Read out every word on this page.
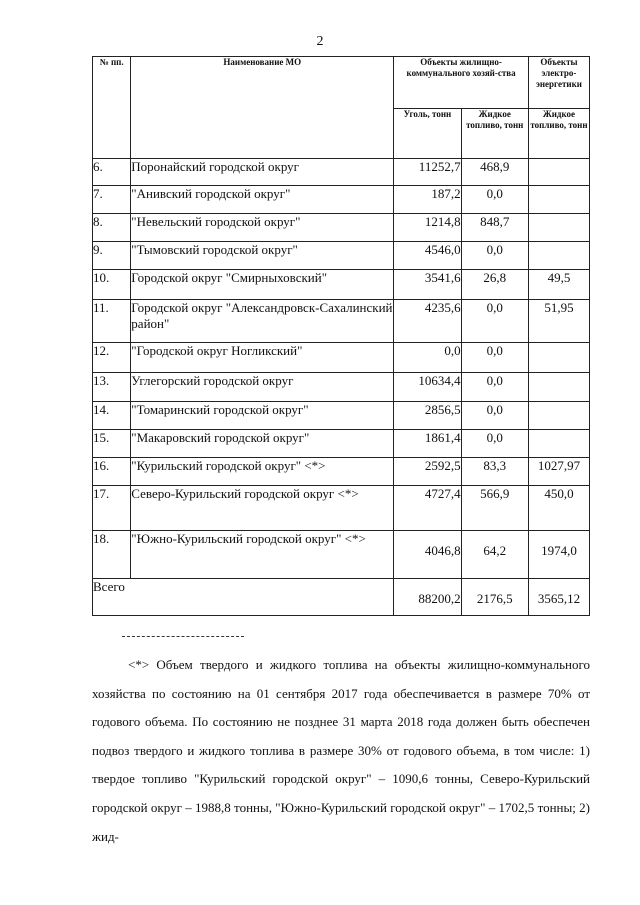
2
№ пп.	Наименование МО	Объекты жилищно-коммунального хозяй-ства		Объекты электро-энергетики
		Уголь, тонн	Жидкое топливо, тонн	Жидкое топливо, тонн
6.	Поронайский городской округ	11252,7	468,9	
7.	"Анивский городской округ"	187,2	0,0	
8.	"Невельский городской округ"	1214,8	848,7	
9.	"Тымовский городской округ"	4546,0	0,0	
10.	Городской округ "Смирныховский"	3541,6	26,8	49,5
11.	Городской округ "Александровск-Сахалинский район"	4235,6	0,0	51,95
12.	"Городской округ Ногликский"	0,0	0,0	
13.	Углегорский городской округ	10634,4	0,0	
14.	"Томаринский городской округ"	2856,5	0,0	
15.	"Макаровский городской округ"	1861,4	0,0	
16.	"Курильский городской округ" <*>	2592,5	83,3	1027,97
17.	Северо-Курильский городской округ <*>	4727,4	566,9	450,0
18.	"Южно-Курильский городской округ" <*>	4046,8	64,2	1974,0
Всего		88200,2	2176,5	3565,12

<*> Объем твердого и жидкого топлива на объекты жилищно-коммунального хозяйства по состоянию на 01 сентября 2017 года обеспечивается в размере 70% от годового объема. По состоянию не позднее 31 марта 2018 года должен быть обеспечен подвоз твердого и жидкого топлива в размере 30% от годового объема, в том числе: 1) твердое топливо "Курильский городской округ" – 1090,6 тонны, Северо-Курильский городской округ – 1988,8 тонны, "Южно-Курильский городской округ" – 1702,5 тонны; 2) жид-
